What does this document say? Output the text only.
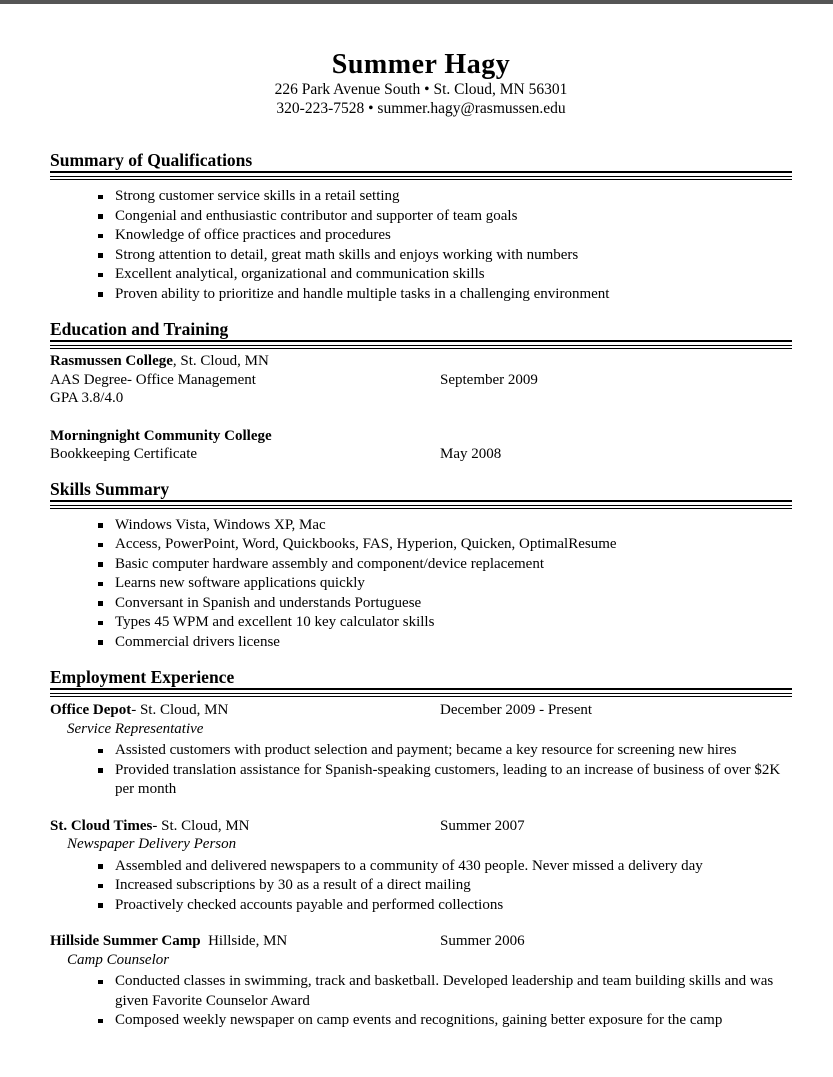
Summer Hagy
226 Park Avenue South • St. Cloud, MN 56301
320-223-7528 • summer.hagy@rasmussen.edu
Summary of Qualifications
Strong customer service skills in a retail setting
Congenial and enthusiastic contributor and supporter of team goals
Knowledge of office practices and procedures
Strong attention to detail, great math skills and enjoys working with numbers
Excellent analytical, organizational and communication skills
Proven ability to prioritize and handle multiple tasks in a challenging environment
Education and Training
Rasmussen College, St. Cloud, MN
AAS Degree- Office Management	September 2009
GPA 3.8/4.0
Morningnight Community College
Bookkeeping Certificate	May 2008
Skills Summary
Windows Vista, Windows XP, Mac
Access, PowerPoint, Word, Quickbooks, FAS, Hyperion, Quicken, OptimalResume
Basic computer hardware assembly and component/device replacement
Learns new software applications quickly
Conversant in Spanish and understands Portuguese
Types 45 WPM and excellent 10 key calculator skills
Commercial drivers license
Employment Experience
Office Depot- St. Cloud, MN	December 2009 - Present
Service Representative
Assisted customers with product selection and payment; became a key resource for screening new hires
Provided translation assistance for Spanish-speaking customers, leading to an increase of business of over $2K per month
St. Cloud Times- St. Cloud, MN	Summer 2007
Newspaper Delivery Person
Assembled and delivered newspapers to a community of 430 people. Never missed a delivery day
Increased subscriptions by 30 as a result of a direct mailing
Proactively checked accounts payable and performed collections
Hillside Summer Camp  Hillside, MN	Summer 2006
Camp Counselor
Conducted classes in swimming, track and basketball. Developed leadership and team building skills and was given Favorite Counselor Award
Composed weekly newspaper on camp events and recognitions, gaining better exposure for the camp
